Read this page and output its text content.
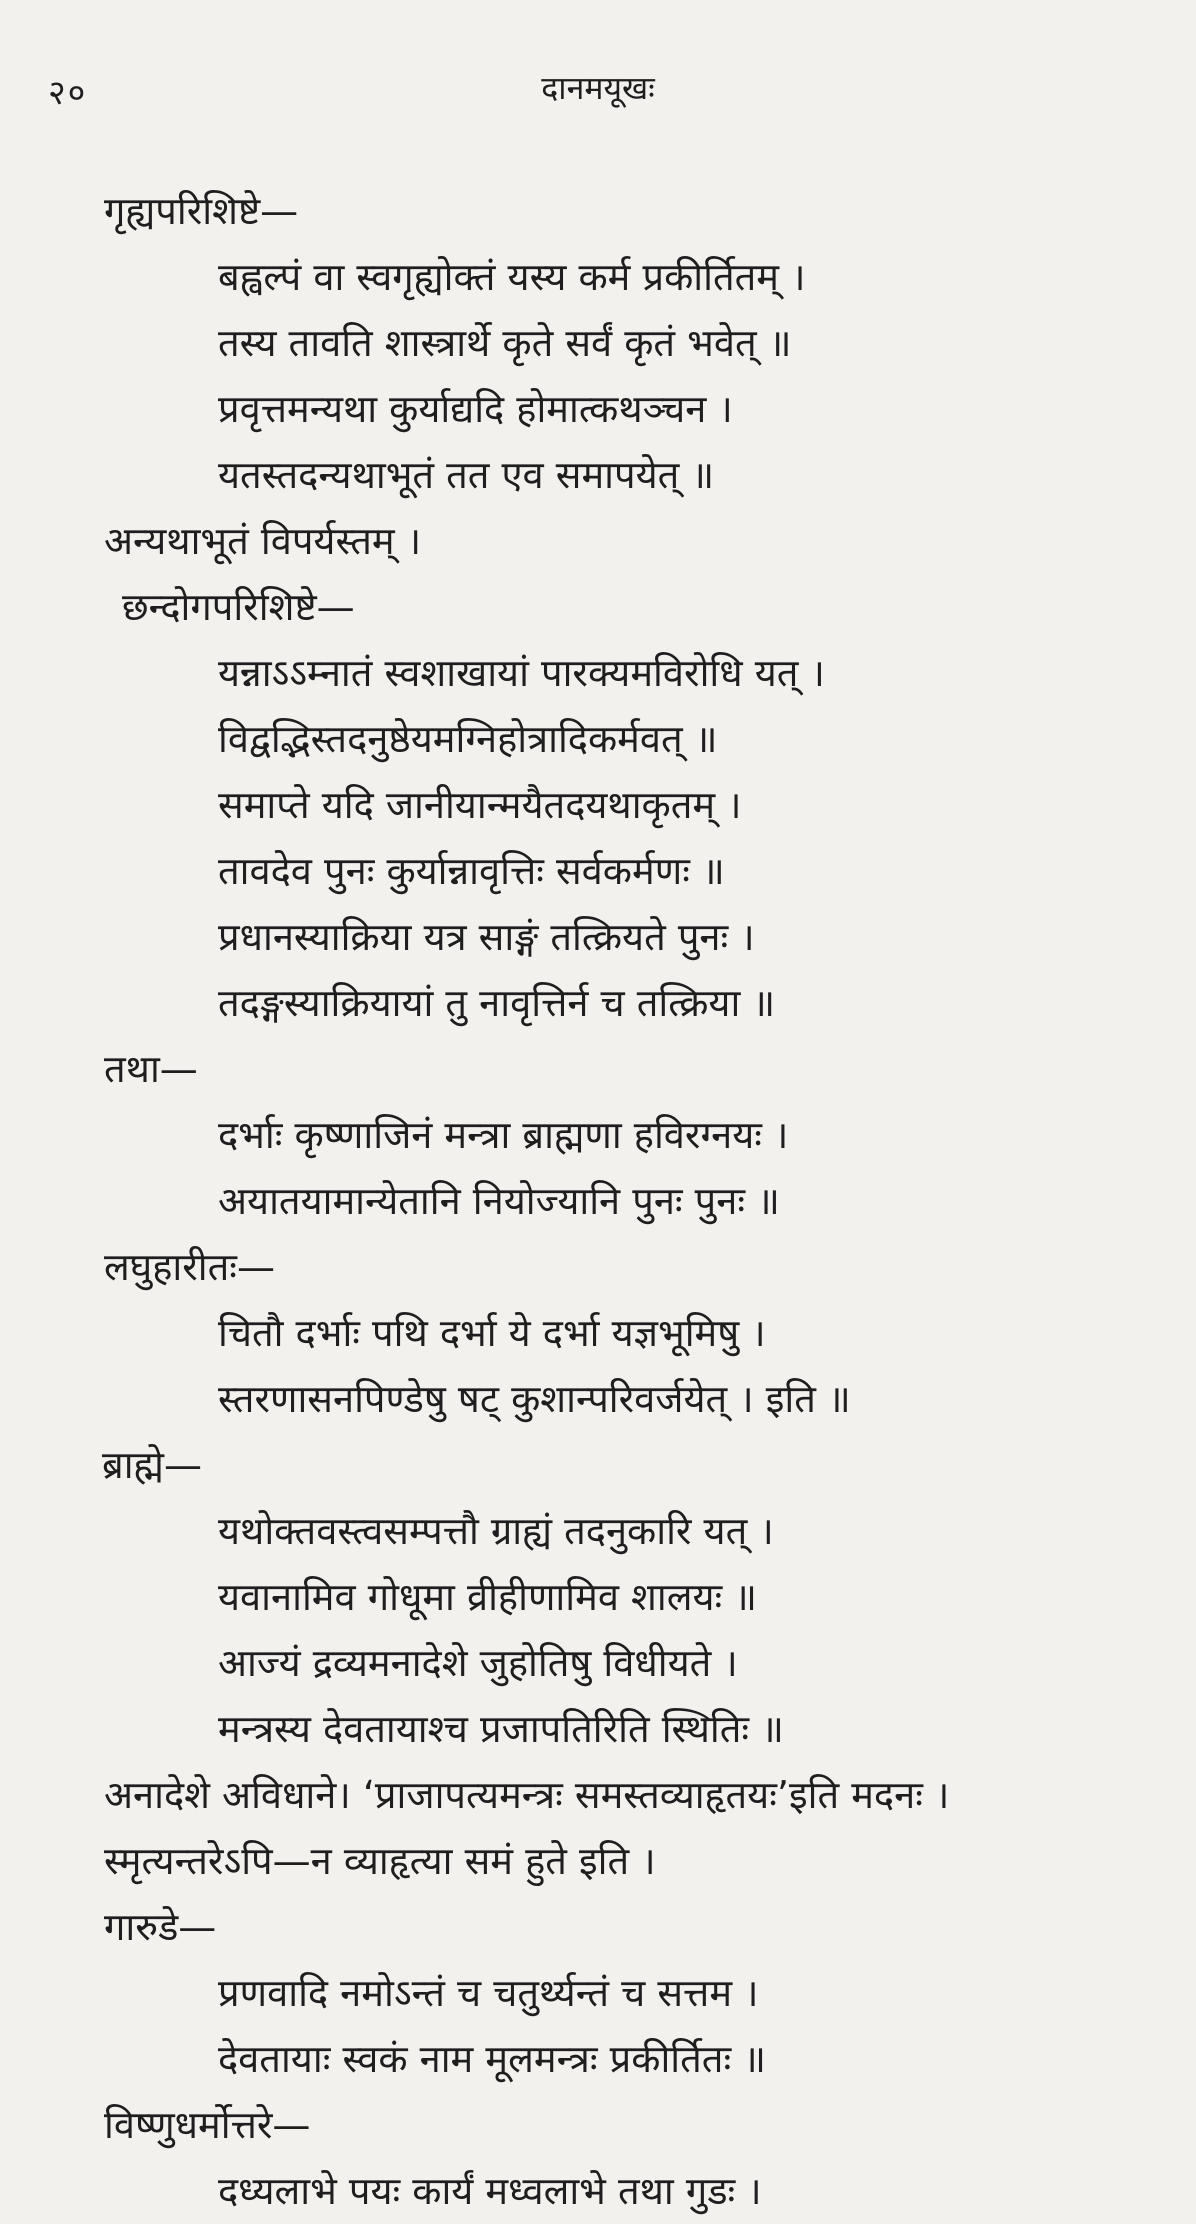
२०	दानमयूखः
गृह्यपरिशिष्टे—
बह्वल्पं वा स्वगृह्योक्तं यस्य कर्म प्रकीर्तितम् ।
तस्य तावति शास्त्रार्थे कृते सर्वं कृतं भवेत् ॥
प्रवृत्तमन्यथा कुर्याद्यदि होमात्कथञ्चन ।
यतस्तदन्यथाभूतं तत एव समापयेत् ॥
अन्यथाभूतं विपर्यस्तम् ।
छन्दोगपरिशिष्टे—
यन्नाऽऽम्नातं स्वशाखायां पारक्यमविरोधि यत् ।
विद्वद्भिस्तदनुष्ठेयमग्निहोत्रादिकर्मवत् ॥
समाप्ते यदि जानीयान्मयैतदयथाकृतम् ।
तावदेव पुनः कुर्यान्नावृत्तिः सर्वकर्मणः ॥
प्रधानस्याक्रिया यत्र साङ्गं तत्क्रियते पुनः ।
तदङ्गस्याक्रियायां तु नावृत्तिर्न च तत्क्रिया ॥
तथा—
दर्भाः कृष्णाजिनं मन्त्रा ब्राह्मणा हविरग्नयः ।
अयातयामान्येतानि नियोज्यानि पुनः पुनः ॥
लघुहारीतः—
चितौ दर्भाः पथि दर्भा ये दर्भा यज्ञभूमिषु ।
स्तरणासनपिण्डेषु षट् कुशान्परिवर्जयेत् । इति ॥
ब्राह्मे—
यथोक्तवस्त्वसम्पत्तौ ग्राह्यं तदनुकारि यत् ।
यवानामिव गोधूमा व्रीहीणामिव शालयः ॥
आज्यं द्रव्यमनादेशे जुहोतिषु विधीयते ।
मन्त्रस्य देवतायाश्च प्रजापतिरिति स्थितिः ॥
अनादेशे अविधाने। ‘प्राजापत्यमन्त्रः समस्तव्याहृतयः’इति मदनः ।
स्मृत्यन्तरेऽपि—न व्याहृत्या समं हुते इति ।
गारुडे—
प्रणवादि नमोऽन्तं च चतुर्थ्यन्तं च सत्तम ।
देवतायाः स्वकं नाम मूलमन्त्रः प्रकीर्तितः ॥
विष्णुधर्मोत्तरे—
दध्यलाभे पयः कार्यं मध्वलाभे तथा गुडः ।
